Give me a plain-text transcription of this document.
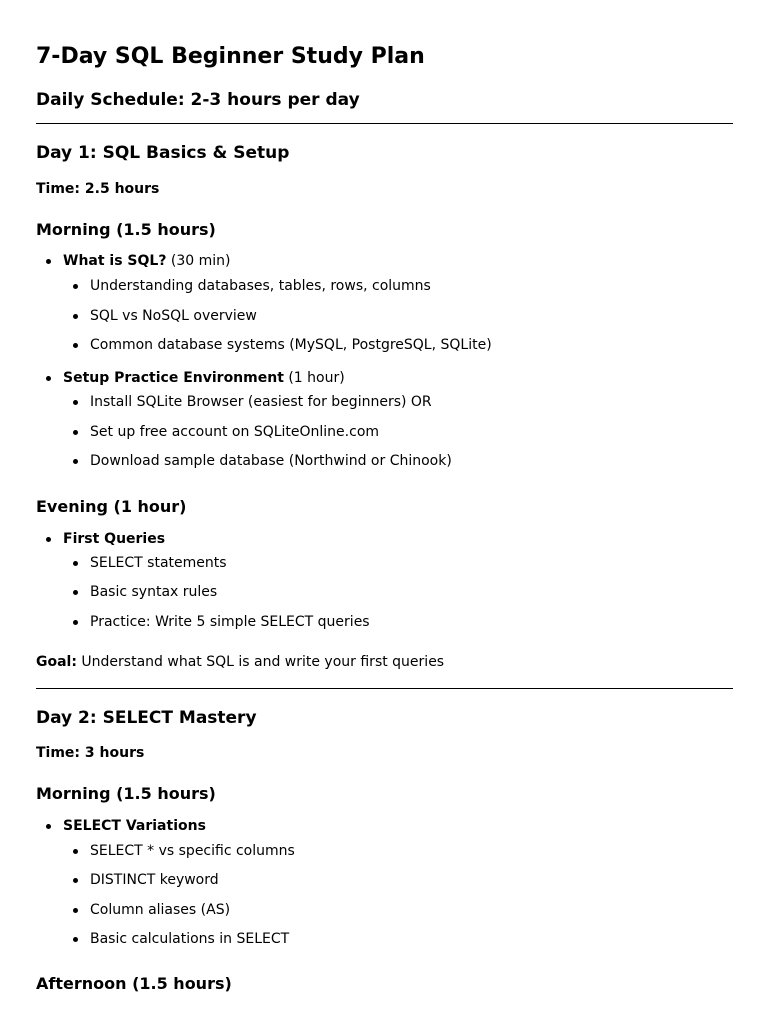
7-Day SQL Beginner Study Plan
Daily Schedule: 2-3 hours per day
Day 1: SQL Basics & Setup
Time: 2.5 hours
Morning (1.5 hours)
What is SQL? (30 min)
Understanding databases, tables, rows, columns
SQL vs NoSQL overview
Common database systems (MySQL, PostgreSQL, SQLite)
Setup Practice Environment (1 hour)
Install SQLite Browser (easiest for beginners) OR
Set up free account on SQLiteOnline.com
Download sample database (Northwind or Chinook)
Evening (1 hour)
First Queries
SELECT statements
Basic syntax rules
Practice: Write 5 simple SELECT queries
Goal: Understand what SQL is and write your first queries
Day 2: SELECT Mastery
Time: 3 hours
Morning (1.5 hours)
SELECT Variations
SELECT * vs specific columns
DISTINCT keyword
Column aliases (AS)
Basic calculations in SELECT
Afternoon (1.5 hours)
